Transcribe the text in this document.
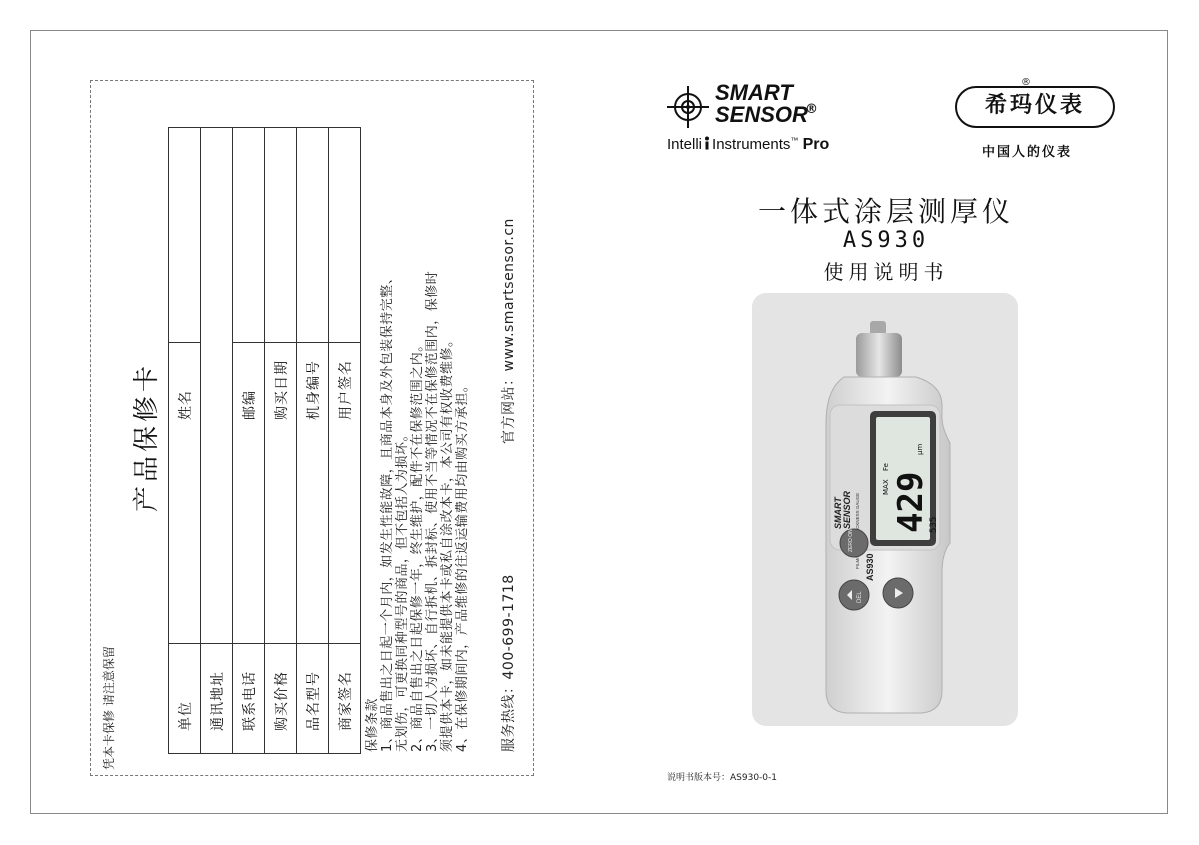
凭本卡保修 请注意保留
产品保修卡
单位 通讯地址 联系电话 购买价格 品名型号 商家签名
姓名	邮编 购买日期 机身编号 用户签名
保修条款 1、商品售出之日起一个月内，如发生性能故障，且商品本身及外包装保持完整、 无划伤，可更换同种型号的商品，但不包括人为损坏。 2、商品自售出之日起保修一年，终生维护，配件不在保修范围之内。 3、一切人为损坏、自行拆机、拆封标、使用不当等情况不在保修范围内，保修时 须提供本卡，如未能提供本卡或私自涂改本卡，本公司有权收费维修。 4、在保修期间内，产品维修的往返运输费用均由购买方承担。 服务热线：400-699-1718
官方网站：www.smartsensor.cn
SMART
SENSOR
®
Intelli Instruments™ Pro
®
希玛仪表
中国人的仪表
一体式涂层测厚仪
AS930
使用说明书
SMART SENSOR
AS930
429
μm
535
Fe
MAX
ZERO ON
DEL
说明书版本号：AS930-0-1
